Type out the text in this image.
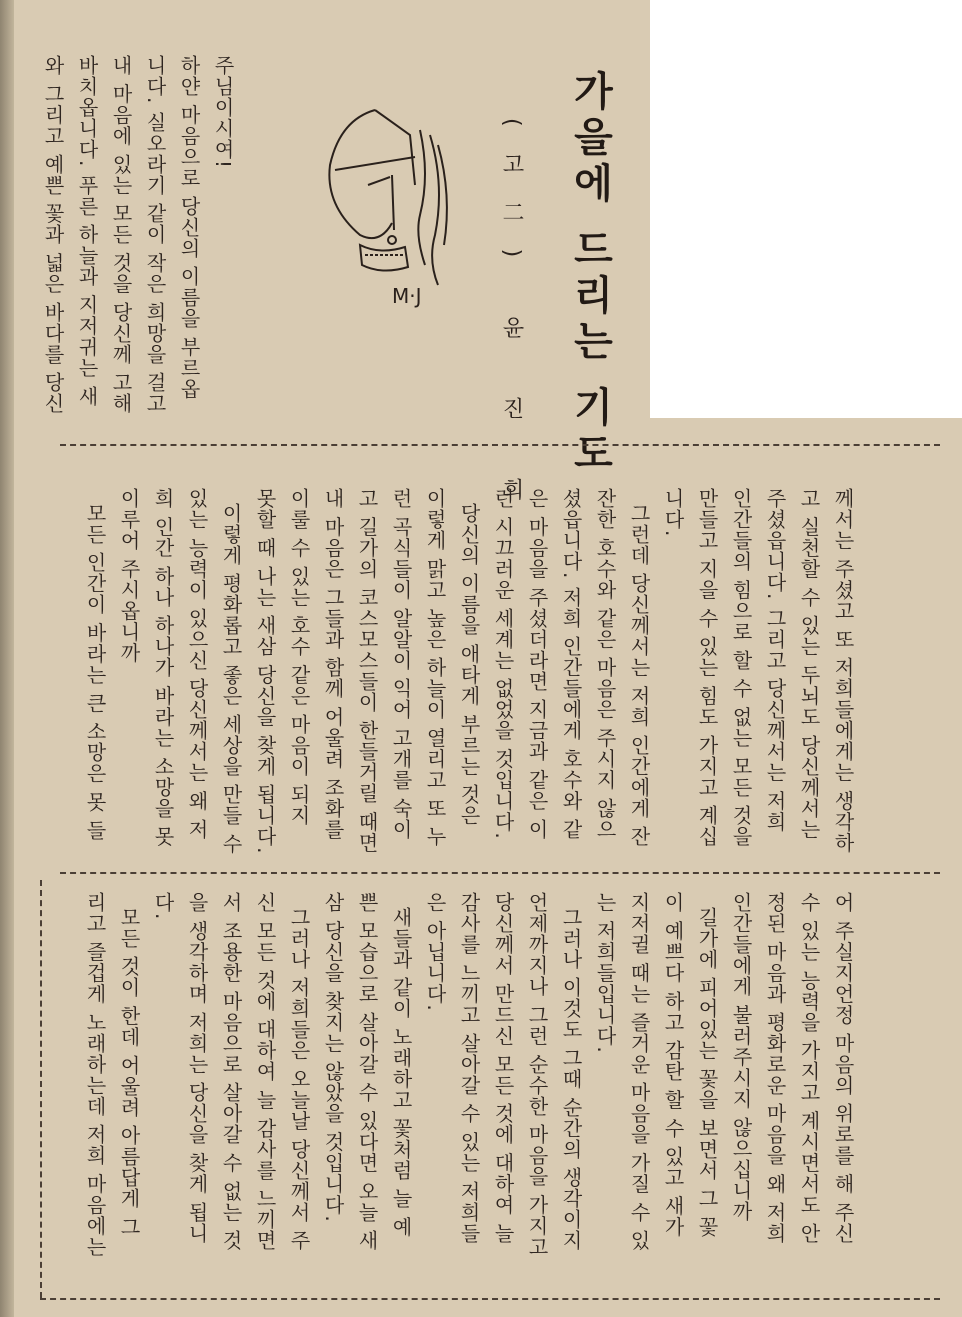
가을에 드리는 기도
(고二) 윤 진 희
M·J
주님이시여!
하얀 마음으로 당신의 이름을 부르옵
니다. 실오라기 같이 작은 희망을 걸고
내 마음에 있는 모든 것을 당신께 고해
바치옵니다. 푸른 하늘과 지저귀는 새
와 그리고 예쁜 꽃과 넓은 바다를 당신
께서는 주셨고 또 저희들에게는 생각하
고 실천할 수 있는 두뇌도 당신께서는
주셨읍니다. 그리고 당신께서는 저희
인간들의 힘으로 할 수 없는 모든 것을
만들고 지을 수 있는 힘도 가지고 계십
니다.
그런데 당신께서는 저희 인간에게 잔
잔한 호수와 같은 마음은 주시지 않으
셨읍니다. 저희 인간들에게 호수와 같
은 마음을 주셨더라면 지금과 같은 이
런 시끄러운 세계는 없었을 것입니다.
당신의 이름을 애타게 부르는 것은
이렇게 맑고 높은 하늘이 열리고 또 누
런 곡식들이 알알이 익어 고개를 숙이
고 길가의 코스모스들이 한들거릴 때면
내 마음은 그들과 함께 어울려 조화를
이룰 수 있는 호수 같은 마음이 되지
못할 때 나는 새삼 당신을 찾게 됩니다.
이렇게 평화롭고 좋은 세상을 만들 수
있는 능력이 있으신 당신께서는 왜 저
희 인간 하나 하나가 바라는 소망을 못
이루어 주시옵니까
모든 인간이 바라는 큰 소망은 못 들
어 주실지언정 마음의 위로를 해 주신
수 있는 능력을 가지고 계시면서도 안
정된 마음과 평화로운 마음을 왜 저희
인간들에게 불러주시지 않으십니까
길가에 피어있는 꽃을 보면서 그 꽃
이 예쁘다 하고 감탄 할 수 있고 새가
지저귈 때는 즐거운 마음을 가질 수 있
는 저희들입니다.
그러나 이것도 그때 순간의 생각이지
언제까지나 그런 순수한 마음을 가지고
당신께서 만드신 모든 것에 대하여 늘
감사를 느끼고 살아갈 수 있는 저희들
은 아닙니다.
새들과 같이 노래하고 꽃처럼 늘 예
쁜 모습으로 살아갈 수 있다면 오늘 새
삼 당신을 찾지는 않았을 것입니다.
그러나 저희들은 오늘날 당신께서 주
신 모든 것에 대하여 늘 감사를 느끼면
서 조용한 마음으로 살아갈 수 없는 것
을 생각하며 저희는 당신을 찾게 됩니
다.
모든 것이 한데 어울려 아름답게 그
리고 즐겁게 노래하는데 저희 마음에는
